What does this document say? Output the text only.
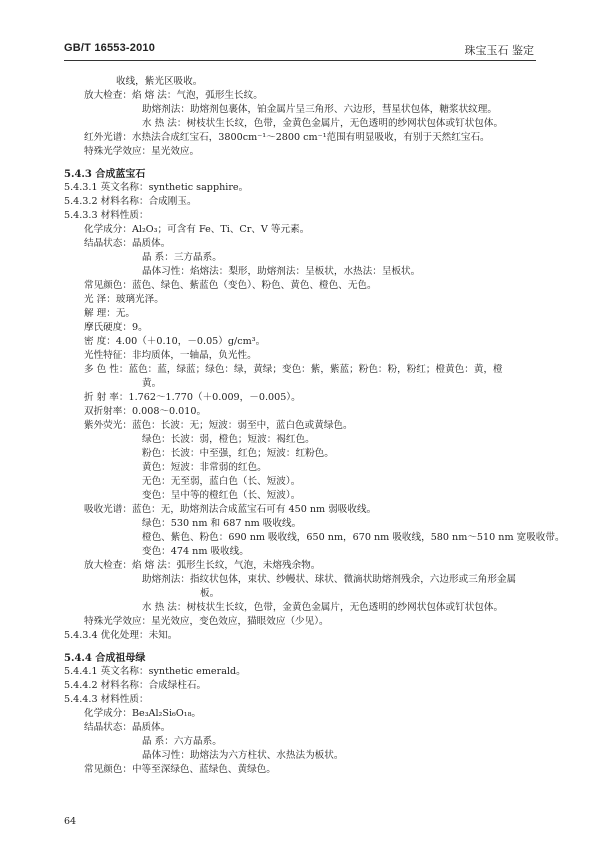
GB/T 16553-2010	珠宝玉石 鉴定
收线，紫光区吸收。
放大检查：焰 熔 法：气泡，弧形生长纹。
助熔剂法：助熔剂包裹体，铂金属片呈三角形、六边形，彗星状包体，糖浆状纹理。
水 热 法：树枝状生长纹，色带，金黄色金属片，无色透明的纱网状包体或钉状包体。
红外光谱：水热法合成红宝石，3800cm⁻¹～2800 cm⁻¹范围有明显吸收，有别于天然红宝石。
特殊光学效应：星光效应。
5.4.3 合成蓝宝石
5.4.3.1 英文名称：synthetic sapphire。
5.4.3.2 材料名称：合成刚玉。
5.4.3.3 材料性质：
化学成分：Al₂O₃；可含有 Fe、Ti、Cr、V 等元素。
结晶状态：晶质体。
晶 系：三方晶系。
晶体习性：焰熔法：梨形，助熔剂法：呈板状，水热法：呈板状。
常见颜色：蓝色、绿色、紫蓝色（变色）、粉色、黄色、橙色、无色。
光 泽：玻璃光泽。
解 理：无。
摩氏硬度：9。
密 度：4.00（＋0.10，－0.05）g/cm³。
光性特征：非均质体，一轴晶，负光性。
多 色 性：蓝色：蓝，绿蓝；绿色：绿，黄绿；变色：紫，紫蓝；粉色：粉，粉红；橙黄色：黄，橙
黄。
折 射 率：1.762～1.770（＋0.009，－0.005）。
双折射率：0.008～0.010。
紫外荧光：蓝色：长波：无；短波：弱至中，蓝白色或黄绿色。
绿色：长波：弱，橙色；短波：褐红色。
粉色：长波：中至强，红色；短波：红粉色。
黄色：短波：非常弱的红色。
无色：无至弱，蓝白色（长、短波）。
变色：呈中等的橙红色（长、短波）。
吸收光谱：蓝色：无，助熔剂法合成蓝宝石可有 450 nm 弱吸收线。
绿色：530 nm 和 687 nm 吸收线。
橙色、紫色、粉色：690 nm 吸收线，650 nm，670 nm 吸收线，580 nm～510 nm 宽吸收带。
变色：474 nm 吸收线。
放大检查：焰 熔 法：弧形生长纹，气泡，未熔残余物。
助熔剂法：指纹状包体，束状、纱幔状、球状、微滴状助熔剂残余，六边形或三角形金属
板。
水 热 法：树枝状生长纹，色带，金黄色金属片，无色透明的纱网状包体或钉状包体。
特殊光学效应：星光效应，变色效应，猫眼效应（少见）。
5.4.3.4 优化处理：未知。
5.4.4 合成祖母绿
5.4.4.1 英文名称：synthetic emerald。
5.4.4.2 材料名称：合成绿柱石。
5.4.4.3 材料性质：
化学成分：Be₃Al₂Si₆O₁₈。
结晶状态：晶质体。
晶 系：六方晶系。
晶体习性：助熔法为六方柱状、水热法为板状。
常见颜色：中等至深绿色、蓝绿色、黄绿色。
64
